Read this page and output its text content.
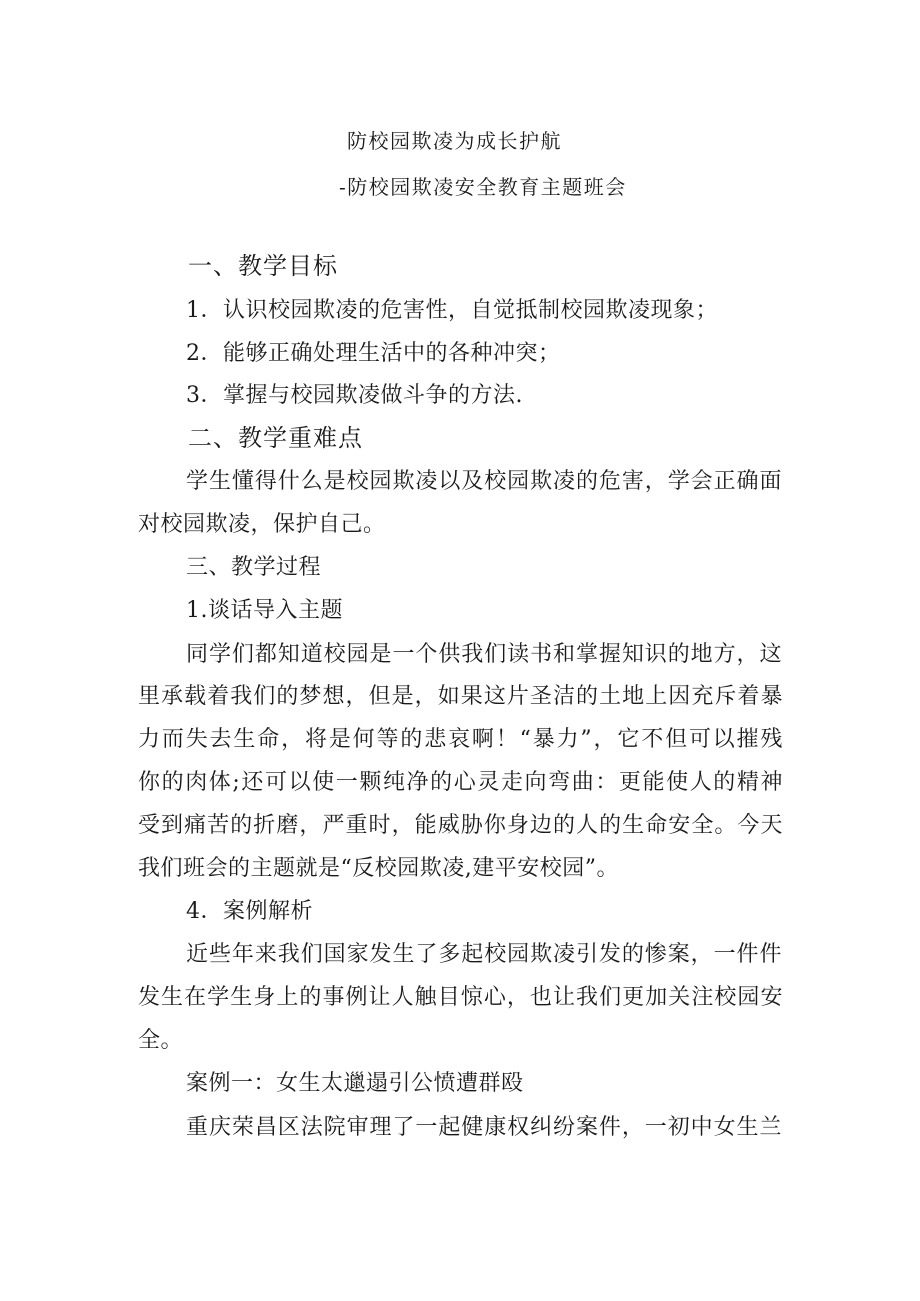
防校园欺凌为成长护航
-防校园欺凌安全教育主题班会
一、教学目标
1．认识校园欺凌的危害性，自觉抵制校园欺凌现象；
2．能够正确处理生活中的各种冲突；
3．掌握与校园欺凌做斗争的方法.
二、教学重难点
学生懂得什么是校园欺凌以及校园欺凌的危害，学会正确面
对校园欺凌，保护自己。
三、教学过程
1.谈话导入主题
同学们都知道校园是一个供我们读书和掌握知识的地方，这
里承载着我们的梦想，但是，如果这片圣洁的土地上因充斥着暴
力而失去生命，将是何等的悲哀啊！“暴力”，它不但可以摧残
你的肉体;还可以使一颗纯净的心灵走向弯曲：更能使人的精神
受到痛苦的折磨，严重时，能威胁你身边的人的生命安全。今天
我们班会的主题就是“反校园欺凌,建平安校园”。
4．案例解析
近些年来我们国家发生了多起校园欺凌引发的惨案，一件件
发生在学生身上的事例让人触目惊心，也让我们更加关注校园安
全。
案例一：女生太邋遢引公愤遭群殴
重庆荣昌区法院审理了一起健康权纠纷案件，一初中女生兰
